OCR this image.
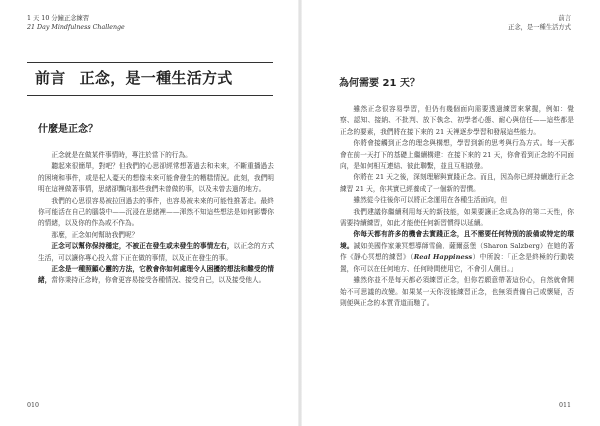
1 天 10 分鐘正念練習
21 Day Mindfulness Challenge
前言 正念，是一種生活方式
什麼是正念？

正念就是在做某件事情時，專注於當下的行為。

聽起來很簡單，對吧？但我們的心思卻經常想著過去和未來，不斷重播過去的困境和事件，或是杞人憂天的想像未來可能會發生的糟糕情況。此刻，我們明明在這裡做著事情，思緒卻飄向那些我們未曾做的事，以及未曾去過的地方。

我們的心思很容易被拉回過去的事件，也容易被未來的可能性推著走。最終你可能活在自己的腦袋中——沉浸在思緒裡——渾然不知這些想法是如何影響你的情緒，以及你的作為或不作為。

那麼，正念如何幫助我們呢？

正念可以幫你保持穩定，不被正在發生或未發生的事情左右，以正念的方式生活，可以讓你專心投入當下正在做的事情，以及正在發生的事。

正念是一種照顧心靈的方法，它教會你如何處理令人困擾的想法和難受的情緒，當你秉持正念時，你會更容易接受各種情況、接受自己，以及接受他人。

010
前言
正念，是一種生活方式
為何需要 21 天？

雖然正念很容易學習，但仍有幾個面向需要透過練習來掌握，例如：覺察、認知、接納、不批判、放下執念、初學者心態、耐心與信任——這些都是正念的要素，我們將在接下來的 21 天裡逐步學習和發展這些能力。

你將會接觸到正念的理念與構想，學習到新的思考與行為方式。每一天都會在前一天打下的基礎上繼續構建：在接下來的 21 天，你會看到正念的不同面向，是如何相互連結、彼此聯繫，並且互相啟發。

你將在 21 天之後，深刻理解與實踐正念。而且，因為你已經持續進行正念練習 21 天，你其實已經養成了一個新的習慣。

雖然從今往後你可以將正念運用在各種生活面向，但

我們建議你繼續利用每天的新技能，如果要讓正念成為你的第二天性，你需要持續練習，如此才能使任何新習慣得以延續。

你每天都有許多的機會去實踐正念，且不需要任何特別的設備或特定的環境。誠如美國作家兼冥想導師雪倫．薩爾茲堡（Sharon Salzberg）在她的著作《靜心冥想的練習》（Real Happiness）中所說：「正念是終極的行動裝置，你可以在任何地方、任何時間使用它，不會引人側目。」

雖然你並不是每天都必須練習正念，但你若願意帶著這份心，自然就會開始不可思議的改變。如果某一天你沒能練習正念，也無須責備自己或懷疑，否則便與正念的本質背道而馳了。

011
